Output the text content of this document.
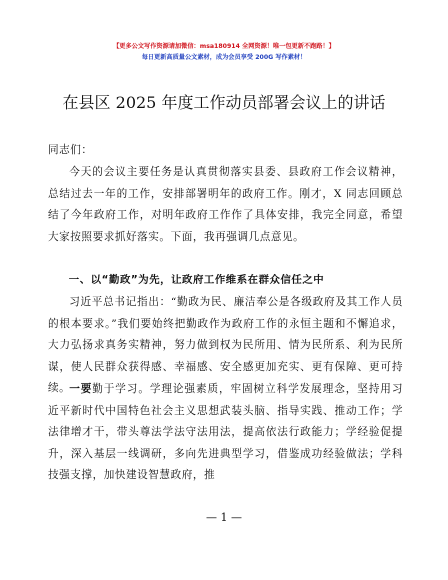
【更多公文写作资源请加微信：msa180914 全网资源！唯一包更新不跑路！】
每日更新高质量公文素材，成为会员享受 200G 写作素材！
在县区 2025 年度工作动员部署会议上的讲话
同志们：
今天的会议主要任务是认真贯彻落实县委、县政府工作会议精神，总结过去一年的工作，安排部署明年的政府工作。刚才，X 同志回顾总结了今年政府工作，对明年政府工作作了具体安排，我完全同意，希望大家按照要求抓好落实。下面，我再强调几点意见。
一、以“勤政”为先，让政府工作维系在群众信任之中
习近平总书记指出：“勤政为民、廉洁奉公是各级政府及其工作人员的根本要求。”我们要始终把勤政作为政府工作的永恒主题和不懈追求，大力弘扬求真务实精神，努力做到权为民所用、情为民所系、利为民所谋，使人民群众获得感、幸福感、安全感更加充实、更有保障、更可持续。
一要勤于学习。学理论强素质，牢固树立科学发展理念，坚持用习近平新时代中国特色社会主义思想武装头脑、指导实践、推动工作；学法律增才干，带头尊法学法守法用法，提高依法行政能力；学经验促提升，深入基层一线调研，多向先进典型学习，借鉴成功经验做法；学科技强支撑，加快建设智慧政府，推
— 1 —
